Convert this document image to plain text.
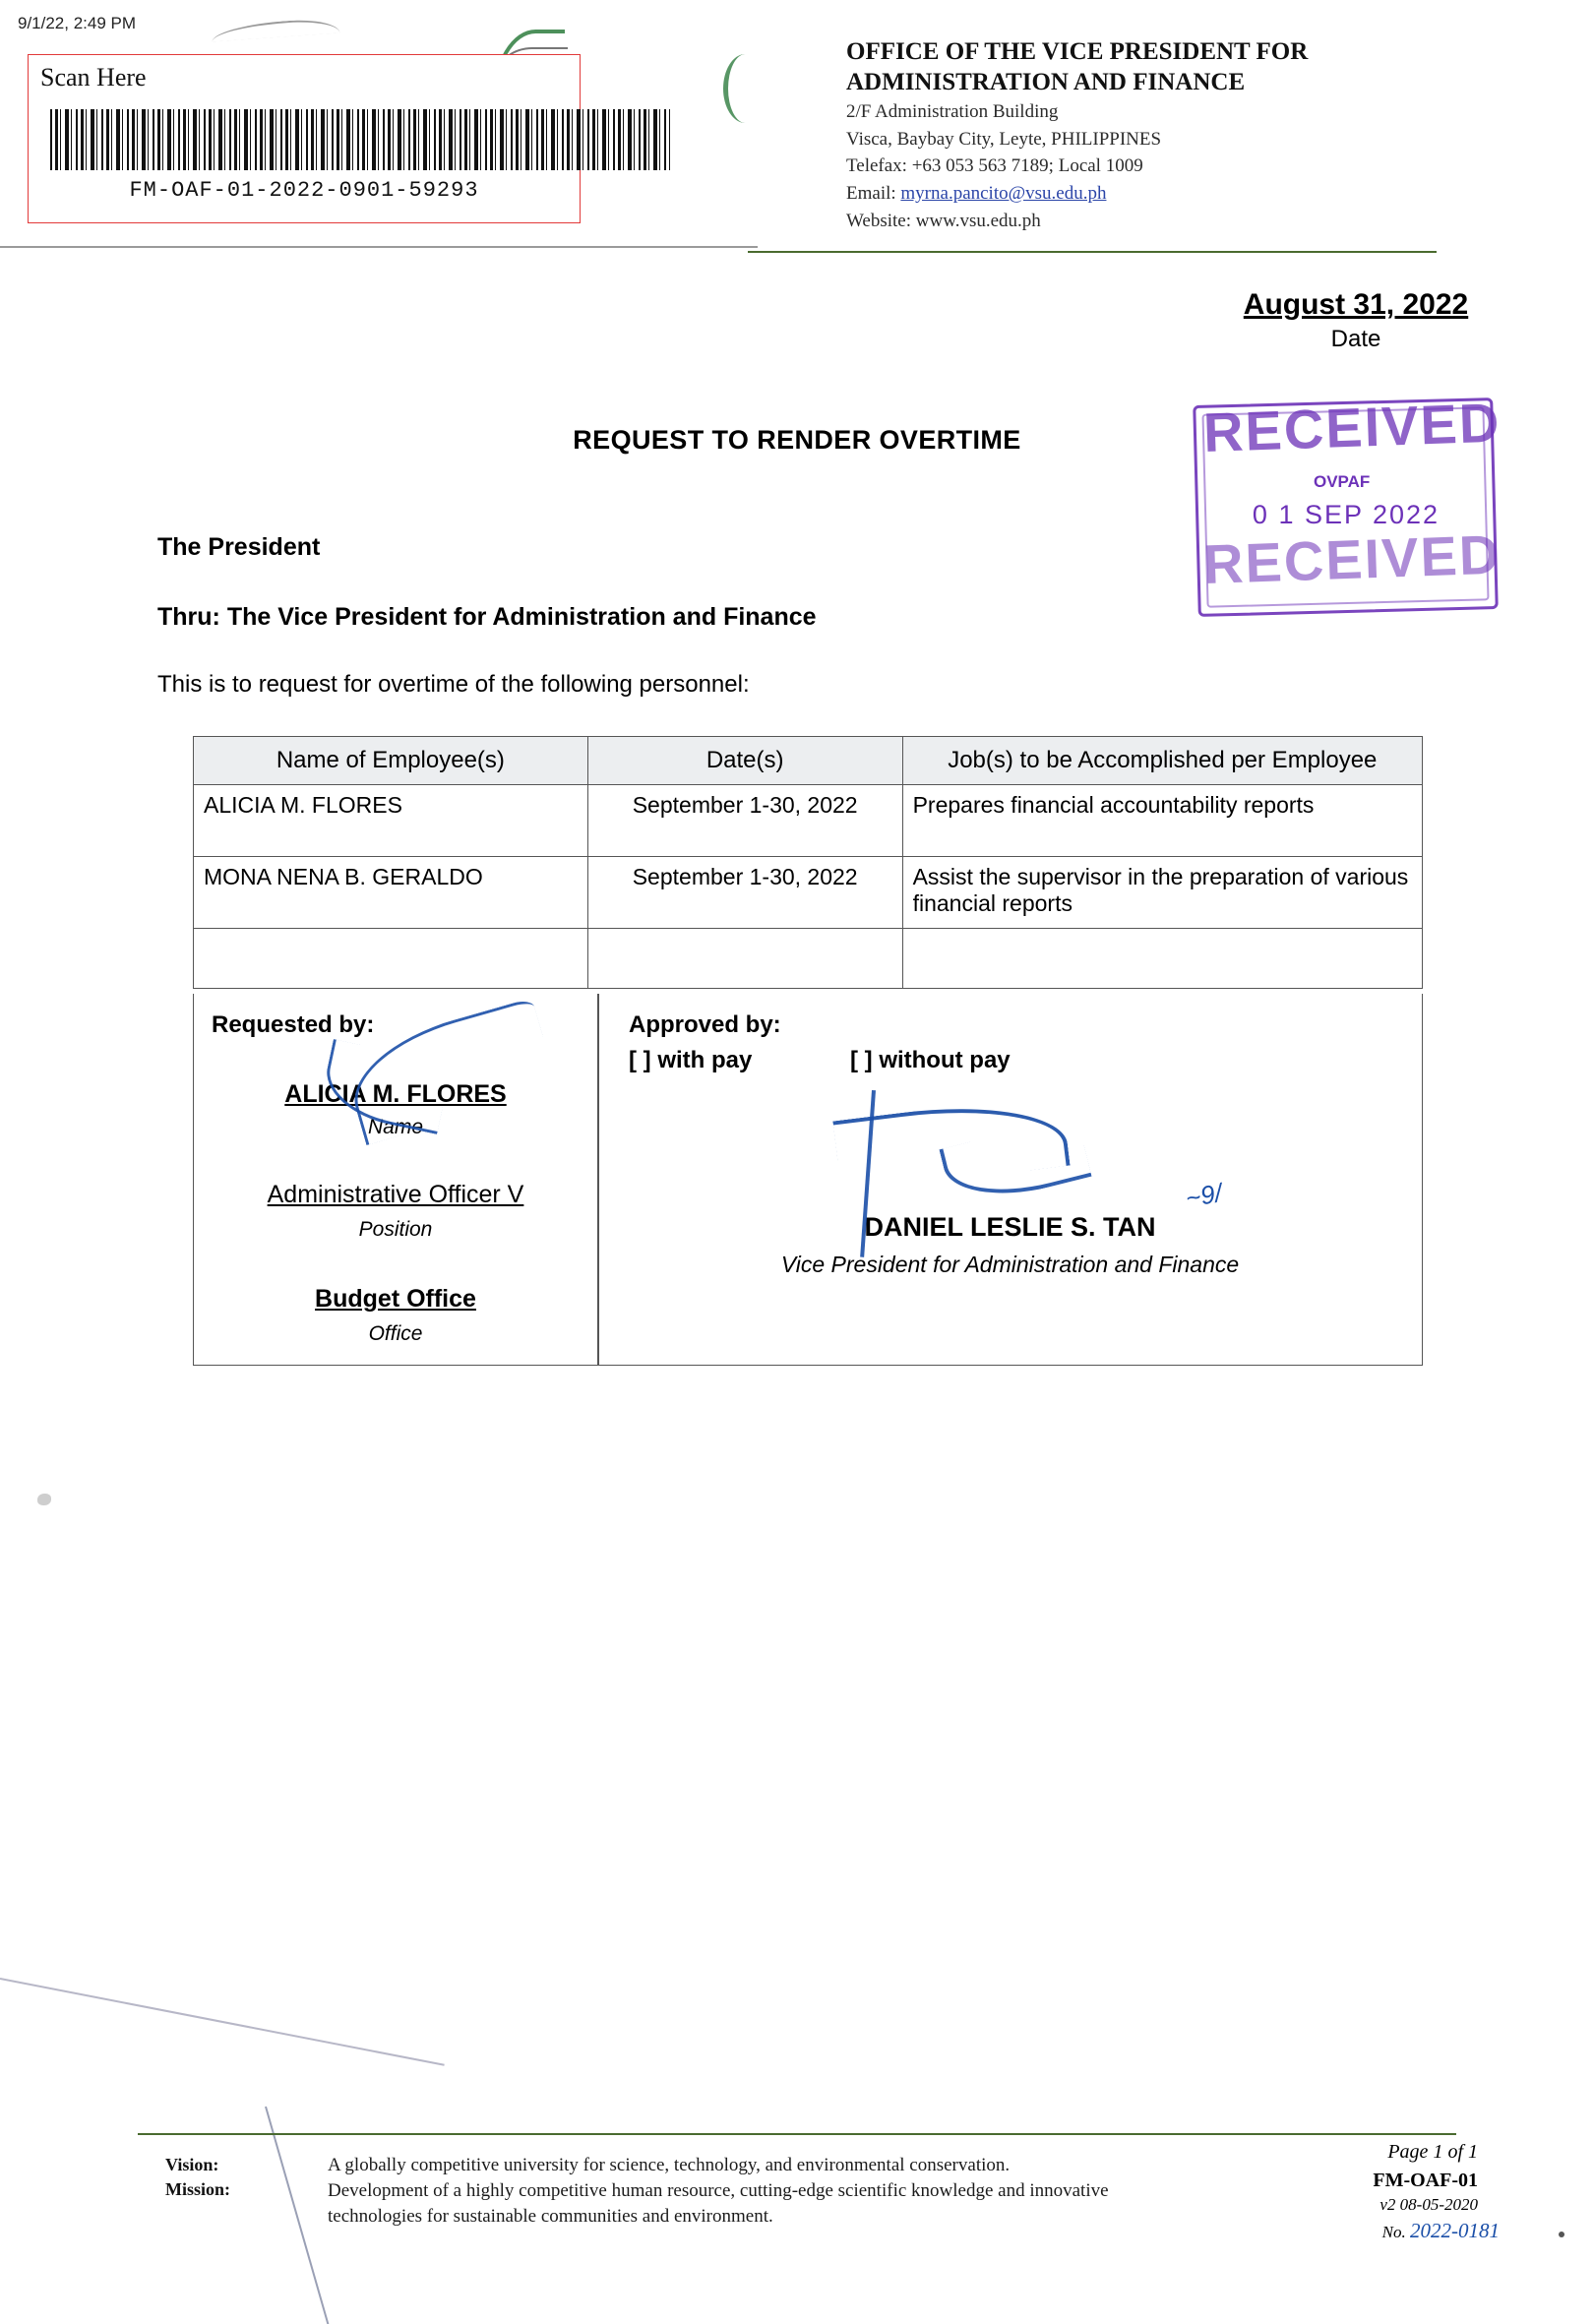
9/1/22, 2:49 PM
Scan Here
FM-OAF-01-2022-0901-59293
OFFICE OF THE VICE PRESIDENT FOR
ADMINISTRATION AND FINANCE
2/F Administration Building
Visca, Baybay City, Leyte, PHILIPPINES
Telefax: +63 053 563 7189; Local 1009
Email: myrna.pancito@vsu.edu.ph
Website: www.vsu.edu.ph
August 31, 2022
Date
REQUEST TO RENDER OVERTIME
The President
Thru: The Vice President for Administration and Finance
This is to request for overtime of the following personnel:
RECEIVED
OVPAF
0 1 SEP 2022
RECEIVED
Name of Employee(s)	Date(s)	Job(s) to be Accomplished per Employee
ALICIA M. FLORES	September 1-30, 2022	Prepares financial accountability reports
MONA NENA B. GERALDO	September 1-30, 2022	Assist the supervisor in the preparation of various financial reports

Requested by:
ALICIA M. FLORES
Name
Administrative Officer V
Position
Budget Office
Office
Approved by:
[ ] with pay	[ ] without pay
DANIEL LESLIE S. TAN
Vice President for Administration and Finance
~9/
Vision:
Mission:
A globally competitive university for science, technology, and environmental conservation.
Development of a highly competitive human resource, cutting-edge scientific knowledge and innovative technologies for sustainable communities and environment.
Page 1 of 1
FM-OAF-01
v2 08-05-2020
No. 2022-0181
